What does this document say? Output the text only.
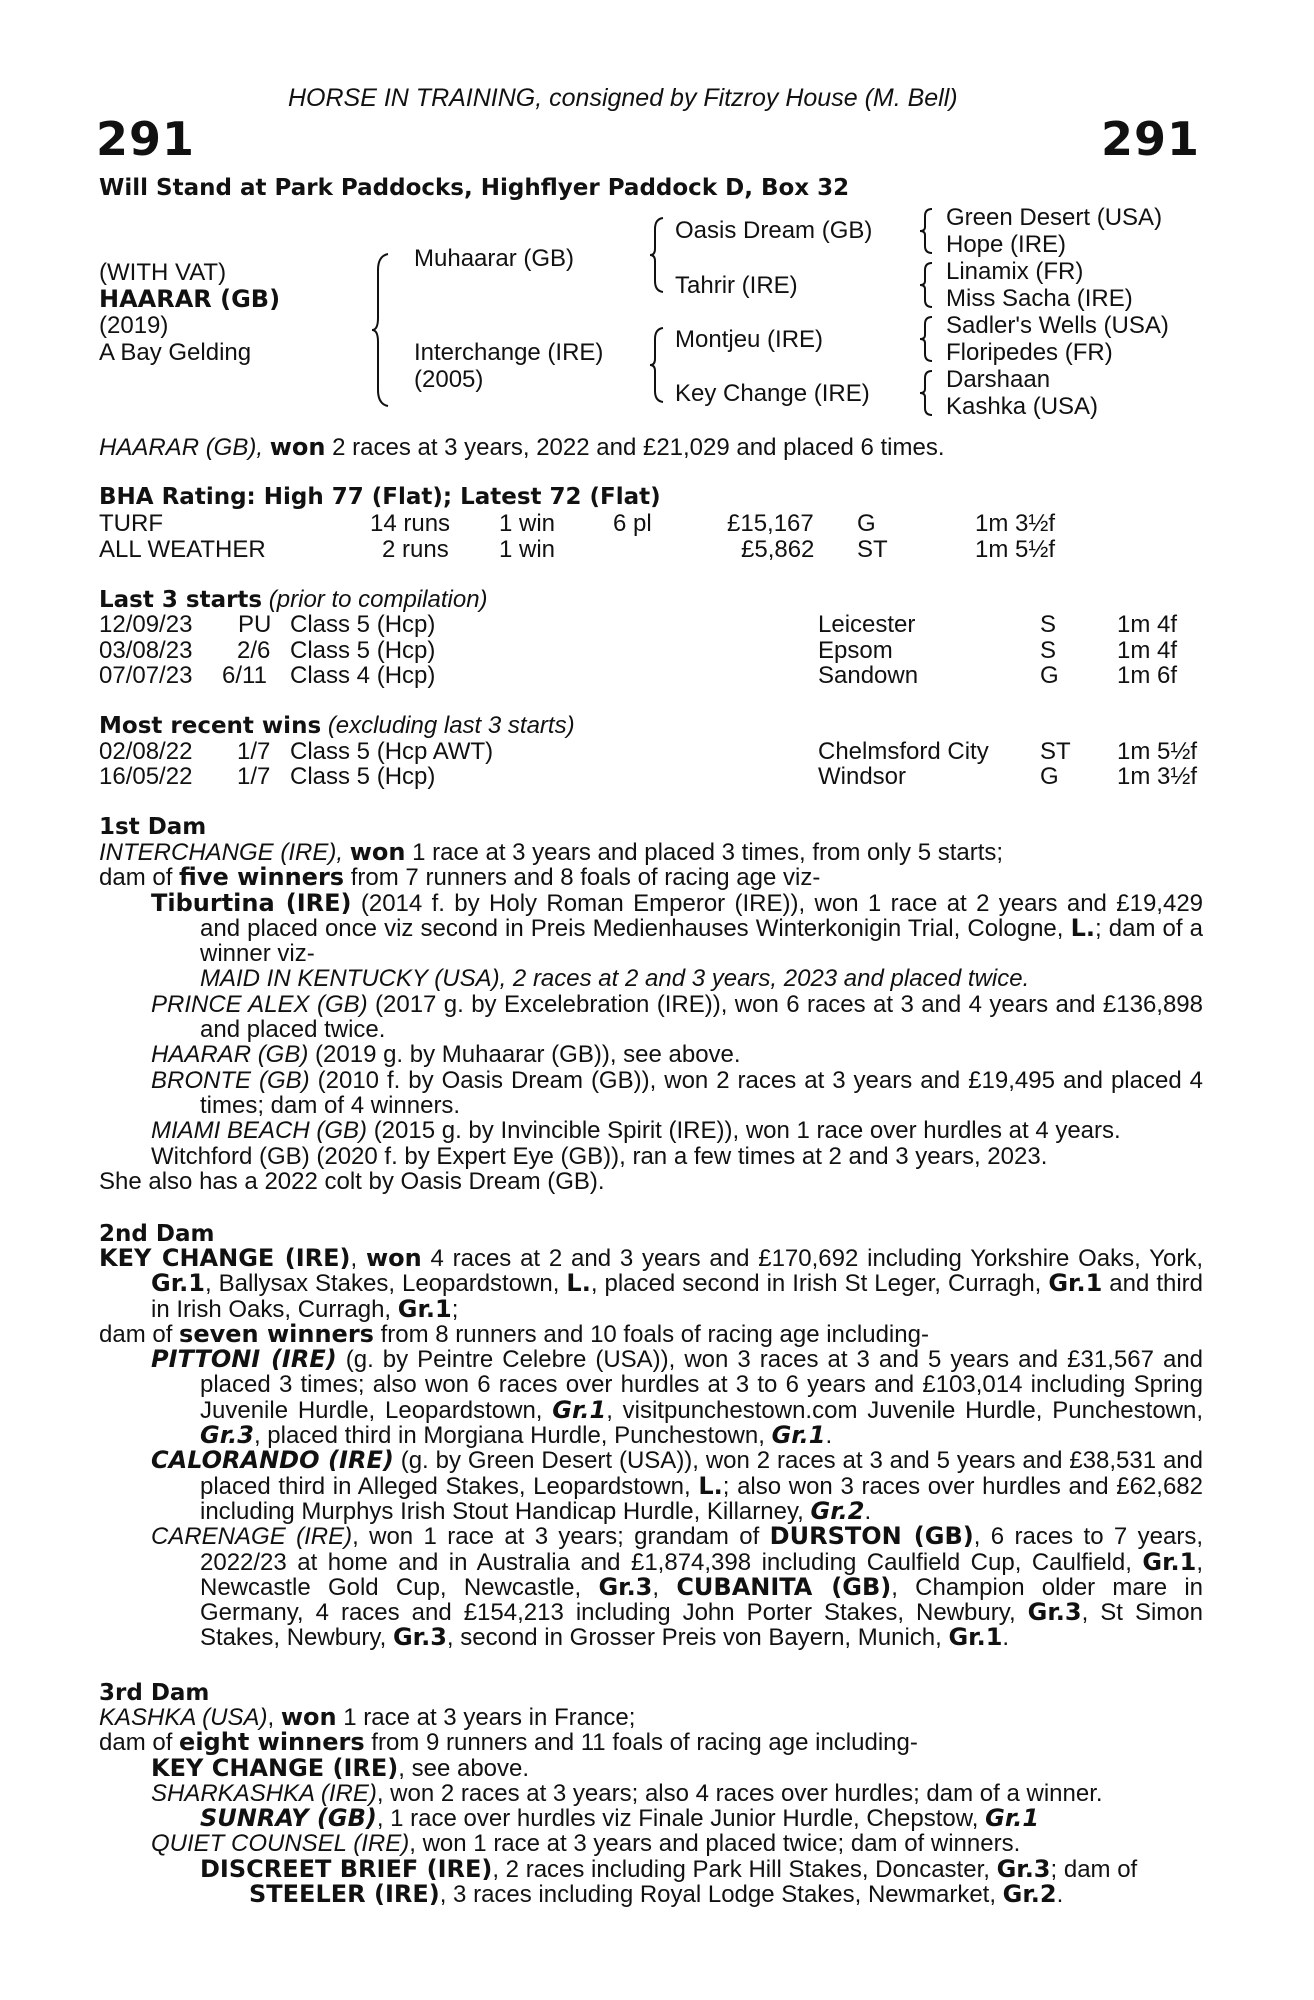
HORSE IN TRAINING, consigned by Fitzroy House (M. Bell)
291	291
Will Stand at Park Paddocks, Highflyer Paddock D, Box 32
(WITH VAT)
HAARAR (GB)
(2019)
A Bay Gelding
Muhaarar (GB)
Interchange (IRE)
(2005)
Oasis Dream (GB)
Tahrir (IRE)
Montjeu (IRE)
Key Change (IRE)
Green Desert (USA)
Hope (IRE)
Linamix (FR)
Miss Sacha (IRE)
Sadler's Wells (USA)
Floripedes (FR)
Darshaan
Kashka (USA)
HAARAR (GB), won 2 races at 3 years, 2022 and £21,029 and placed 6 times.
BHA Rating: High 77 (Flat); Latest 72 (Flat)
TURF	14 runs 1 win 6 pl	£15,167 G	1m 3½f
ALL WEATHER	2 runs 1 win	£5,862 ST	1m 5½f
Last 3 starts (prior to compilation)
12/09/23 PU Class 5 (Hcp)	Leicester	S	1m 4f
03/08/23 2/6 Class 5 (Hcp)	Epsom	S	1m 4f
07/07/23 6/11 Class 4 (Hcp)	Sandown	G 1m 6f
Most recent wins (excluding last 3 starts)
02/08/22 1/7 Class 5 (Hcp AWT)	Chelmsford City ST 1m 5½f
16/05/22 1/7 Class 5 (Hcp)	Windsor	G 1m 3½f
1st Dam

INTERCHANGE (IRE), won 1 race at 3 years and placed 3 times, from only 5 starts;

dam of five winners from 7 runners and 8 foals of racing age viz-

Tiburtina (IRE) (2014 f. by Holy Roman Emperor (IRE)), won 1 race at 2 years and £19,429 and placed once viz second in Preis Medienhauses Winterkonigin Trial, Cologne, L.; dam of a winner viz-

MAID IN KENTUCKY (USA), 2 races at 2 and 3 years, 2023 and placed twice.

PRINCE ALEX (GB) (2017 g. by Excelebration (IRE)), won 6 races at 3 and 4 years and £136,898 and placed twice.

HAARAR (GB) (2019 g. by Muhaarar (GB)), see above.

BRONTE (GB) (2010 f. by Oasis Dream (GB)), won 2 races at 3 years and £19,495 and placed 4 times; dam of 4 winners.

MIAMI BEACH (GB) (2015 g. by Invincible Spirit (IRE)), won 1 race over hurdles at 4 years.

Witchford (GB) (2020 f. by Expert Eye (GB)), ran a few times at 2 and 3 years, 2023.

She also has a 2022 colt by Oasis Dream (GB).

2nd Dam

KEY CHANGE (IRE), won 4 races at 2 and 3 years and £170,692 including Yorkshire Oaks, York, Gr.1, Ballysax Stakes, Leopardstown, L., placed second in Irish St Leger, Curragh, Gr.1 and third in Irish Oaks, Curragh, Gr.1;

dam of seven winners from 8 runners and 10 foals of racing age including-

PITTONI (IRE) (g. by Peintre Celebre (USA)), won 3 races at 3 and 5 years and £31,567 and placed 3 times; also won 6 races over hurdles at 3 to 6 years and £103,014 including Spring Juvenile Hurdle, Leopardstown, Gr.1, visitpunchestown.com Juvenile Hurdle, Punchestown, Gr.3, placed third in Morgiana Hurdle, Punchestown, Gr.1.

CALORANDO (IRE) (g. by Green Desert (USA)), won 2 races at 3 and 5 years and £38,531 and placed third in Alleged Stakes, Leopardstown, L.; also won 3 races over hurdles and £62,682 including Murphys Irish Stout Handicap Hurdle, Killarney, Gr.2.

CARENAGE (IRE), won 1 race at 3 years; grandam of DURSTON (GB), 6 races to 7 years, 2022/23 at home and in Australia and £1,874,398 including Caulfield Cup, Caulfield, Gr.1, Newcastle Gold Cup, Newcastle, Gr.3, CUBANITA (GB), Champion older mare in Germany, 4 races and £154,213 including John Porter Stakes, Newbury, Gr.3, St Simon Stakes, Newbury, Gr.3, second in Grosser Preis von Bayern, Munich, Gr.1.

3rd Dam

KASHKA (USA), won 1 race at 3 years in France;

dam of eight winners from 9 runners and 11 foals of racing age including-

KEY CHANGE (IRE), see above.

SHARKASHKA (IRE), won 2 races at 3 years; also 4 races over hurdles; dam of a winner.

SUNRAY (GB), 1 race over hurdles viz Finale Junior Hurdle, Chepstow, Gr.1

QUIET COUNSEL (IRE), won 1 race at 3 years and placed twice; dam of winners.

DISCREET BRIEF (IRE), 2 races including Park Hill Stakes, Doncaster, Gr.3; dam of

STEELER (IRE), 3 races including Royal Lodge Stakes, Newmarket, Gr.2.
